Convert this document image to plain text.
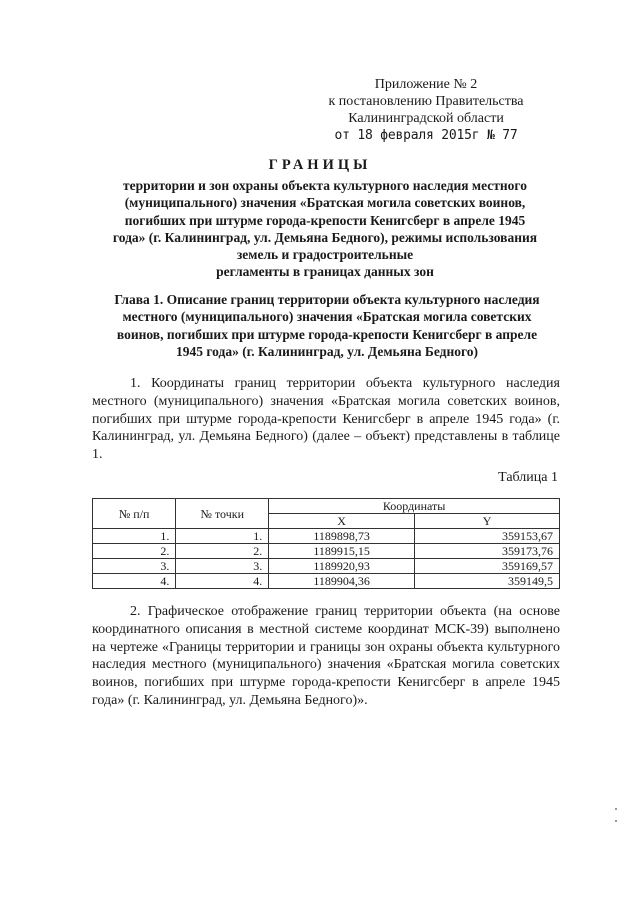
Приложение № 2
к постановлению Правительства
Калининградской области
от 18 февраля 2015г № 77
ГРАНИЦЫ
территории и зон охраны объекта культурного наследия местного
(муниципального) значения «Братская могила советских воинов,
погибших при штурме города-крепости Кенигсберг в апреле 1945
года» (г. Калининград, ул. Демьяна Бедного), режимы использования
земель и градостроительные
регламенты в границах данных зон
Глава 1. Описание границ территории объекта культурного наследия
местного (муниципального) значения «Братская могила советских
воинов, погибших при штурме города-крепости Кенигсберг в апреле
1945 года» (г. Калининград, ул. Демьяна Бедного)
1. Координаты границ территории объекта культурного наследия местного (муниципального) значения «Братская могила советских воинов, погибших при штурме города-крепости Кенигсберг в апреле 1945 года» (г. Калининград, ул. Демьяна Бедного) (далее – объект) представлены в таблице 1.
Таблица 1
№ п/п	№ точки	Координаты	
		X	Y
1.	1.	1189898,73	359153,67
2.	2.	1189915,15	359173,76
3.	3.	1189920,93	359169,57
4.	4.	1189904,36	359149,5
2. Графическое отображение границ территории объекта (на основе координатного описания в местной системе координат МСК-39) выполнено на чертеже «Границы территории и границы зон охраны объекта культурного наследия местного (муниципального) значения «Братская могила советских воинов, погибших при штурме города-крепости Кенигсберг в апреле 1945 года» (г. Калининград, ул. Демьяна Бедного)».
